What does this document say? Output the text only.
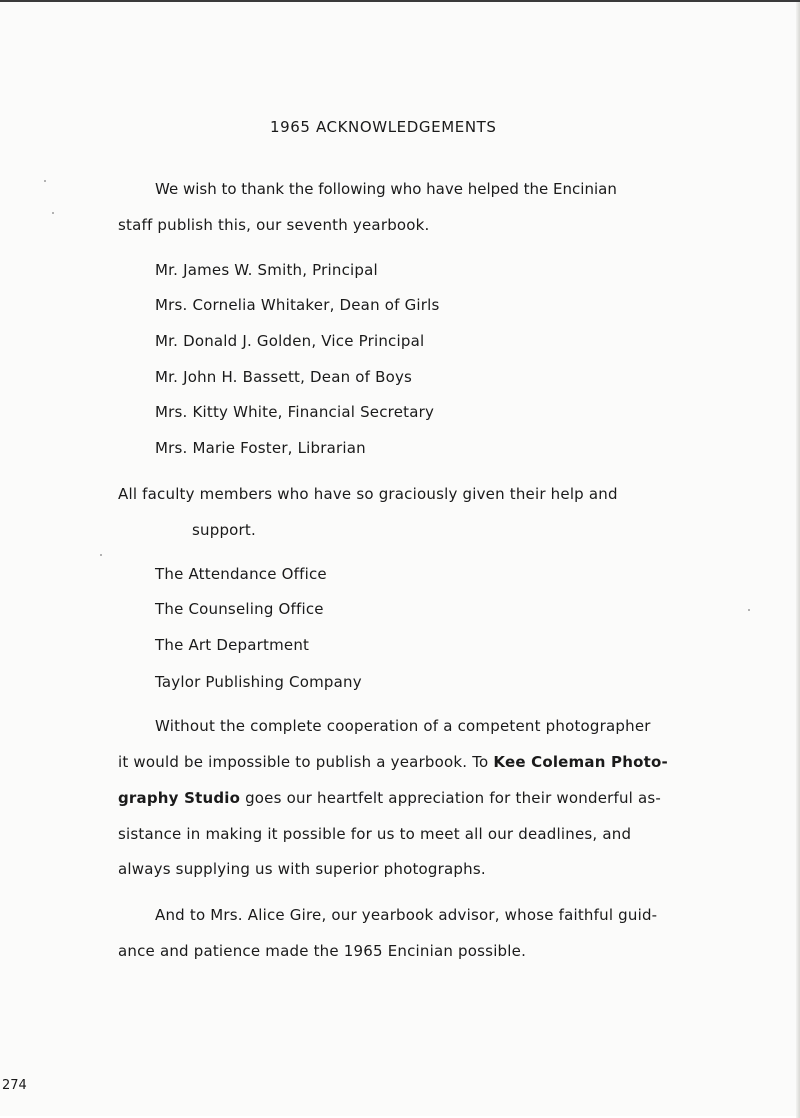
1965 ACKNOWLEDGEMENTS
We wish to thank the following who have helped the Encinian
staff publish this, our seventh yearbook.
Mr. James W. Smith, Principal
Mrs. Cornelia Whitaker, Dean of Girls
Mr. Donald J. Golden, Vice Principal
Mr. John H. Bassett, Dean of Boys
Mrs. Kitty White, Financial Secretary
Mrs. Marie Foster, Librarian
All faculty members who have so graciously given their help and
support.
The Attendance Office
The Counseling Office
The Art Department
Taylor Publishing Company
Without the complete cooperation of a competent photographer
it would be impossible to publish a yearbook. To Kee Coleman Photo-
graphy Studio goes our heartfelt appreciation for their wonderful as-
sistance in making it possible for us to meet all our deadlines, and
always supplying us with superior photographs.
And to Mrs. Alice Gire, our yearbook advisor, whose faithful guid-
ance and patience made the 1965 Encinian possible.
274
